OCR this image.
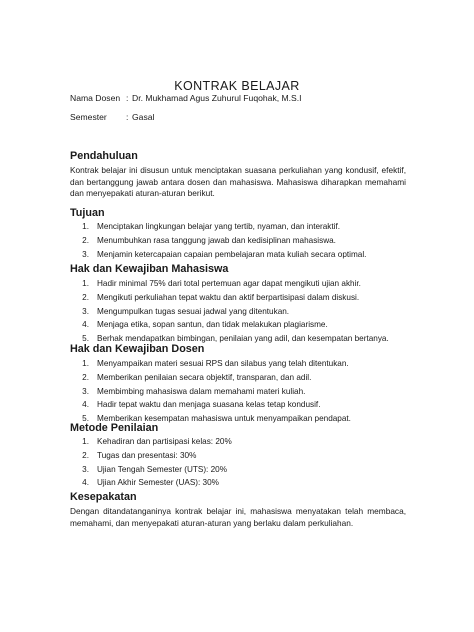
KONTRAK BELAJAR
Nama Dosen : Dr. Mukhamad Agus Zuhurul Fuqohak, M.S.I
Semester : Gasal
Pendahuluan
Kontrak belajar ini disusun untuk menciptakan suasana perkuliahan yang kondusif, efektif, dan bertanggung jawab antara dosen dan mahasiswa. Mahasiswa diharapkan memahami dan menyepakati aturan-aturan berikut.
Tujuan
1. Menciptakan lingkungan belajar yang tertib, nyaman, dan interaktif.
2. Menumbuhkan rasa tanggung jawab dan kedisiplinan mahasiswa.
3. Menjamin ketercapaian capaian pembelajaran mata kuliah secara optimal.
Hak dan Kewajiban Mahasiswa
1. Hadir minimal 75% dari total pertemuan agar dapat mengikuti ujian akhir.
2. Mengikuti perkuliahan tepat waktu dan aktif berpartisipasi dalam diskusi.
3. Mengumpulkan tugas sesuai jadwal yang ditentukan.
4. Menjaga etika, sopan santun, dan tidak melakukan plagiarisme.
5. Berhak mendapatkan bimbingan, penilaian yang adil, dan kesempatan bertanya.
Hak dan Kewajiban Dosen
1. Menyampaikan materi sesuai RPS dan silabus yang telah ditentukan.
2. Memberikan penilaian secara objektif, transparan, dan adil.
3. Membimbing mahasiswa dalam memahami materi kuliah.
4. Hadir tepat waktu dan menjaga suasana kelas tetap kondusif.
5. Memberikan kesempatan mahasiswa untuk menyampaikan pendapat.
Metode Penilaian
1. Kehadiran dan partisipasi kelas: 20%
2. Tugas dan presentasi: 30%
3. Ujian Tengah Semester (UTS): 20%
4. Ujian Akhir Semester (UAS): 30%
Kesepakatan
Dengan ditandatanganinya kontrak belajar ini, mahasiswa menyatakan telah membaca, memahami, dan menyepakati aturan-aturan yang berlaku dalam perkuliahan.
